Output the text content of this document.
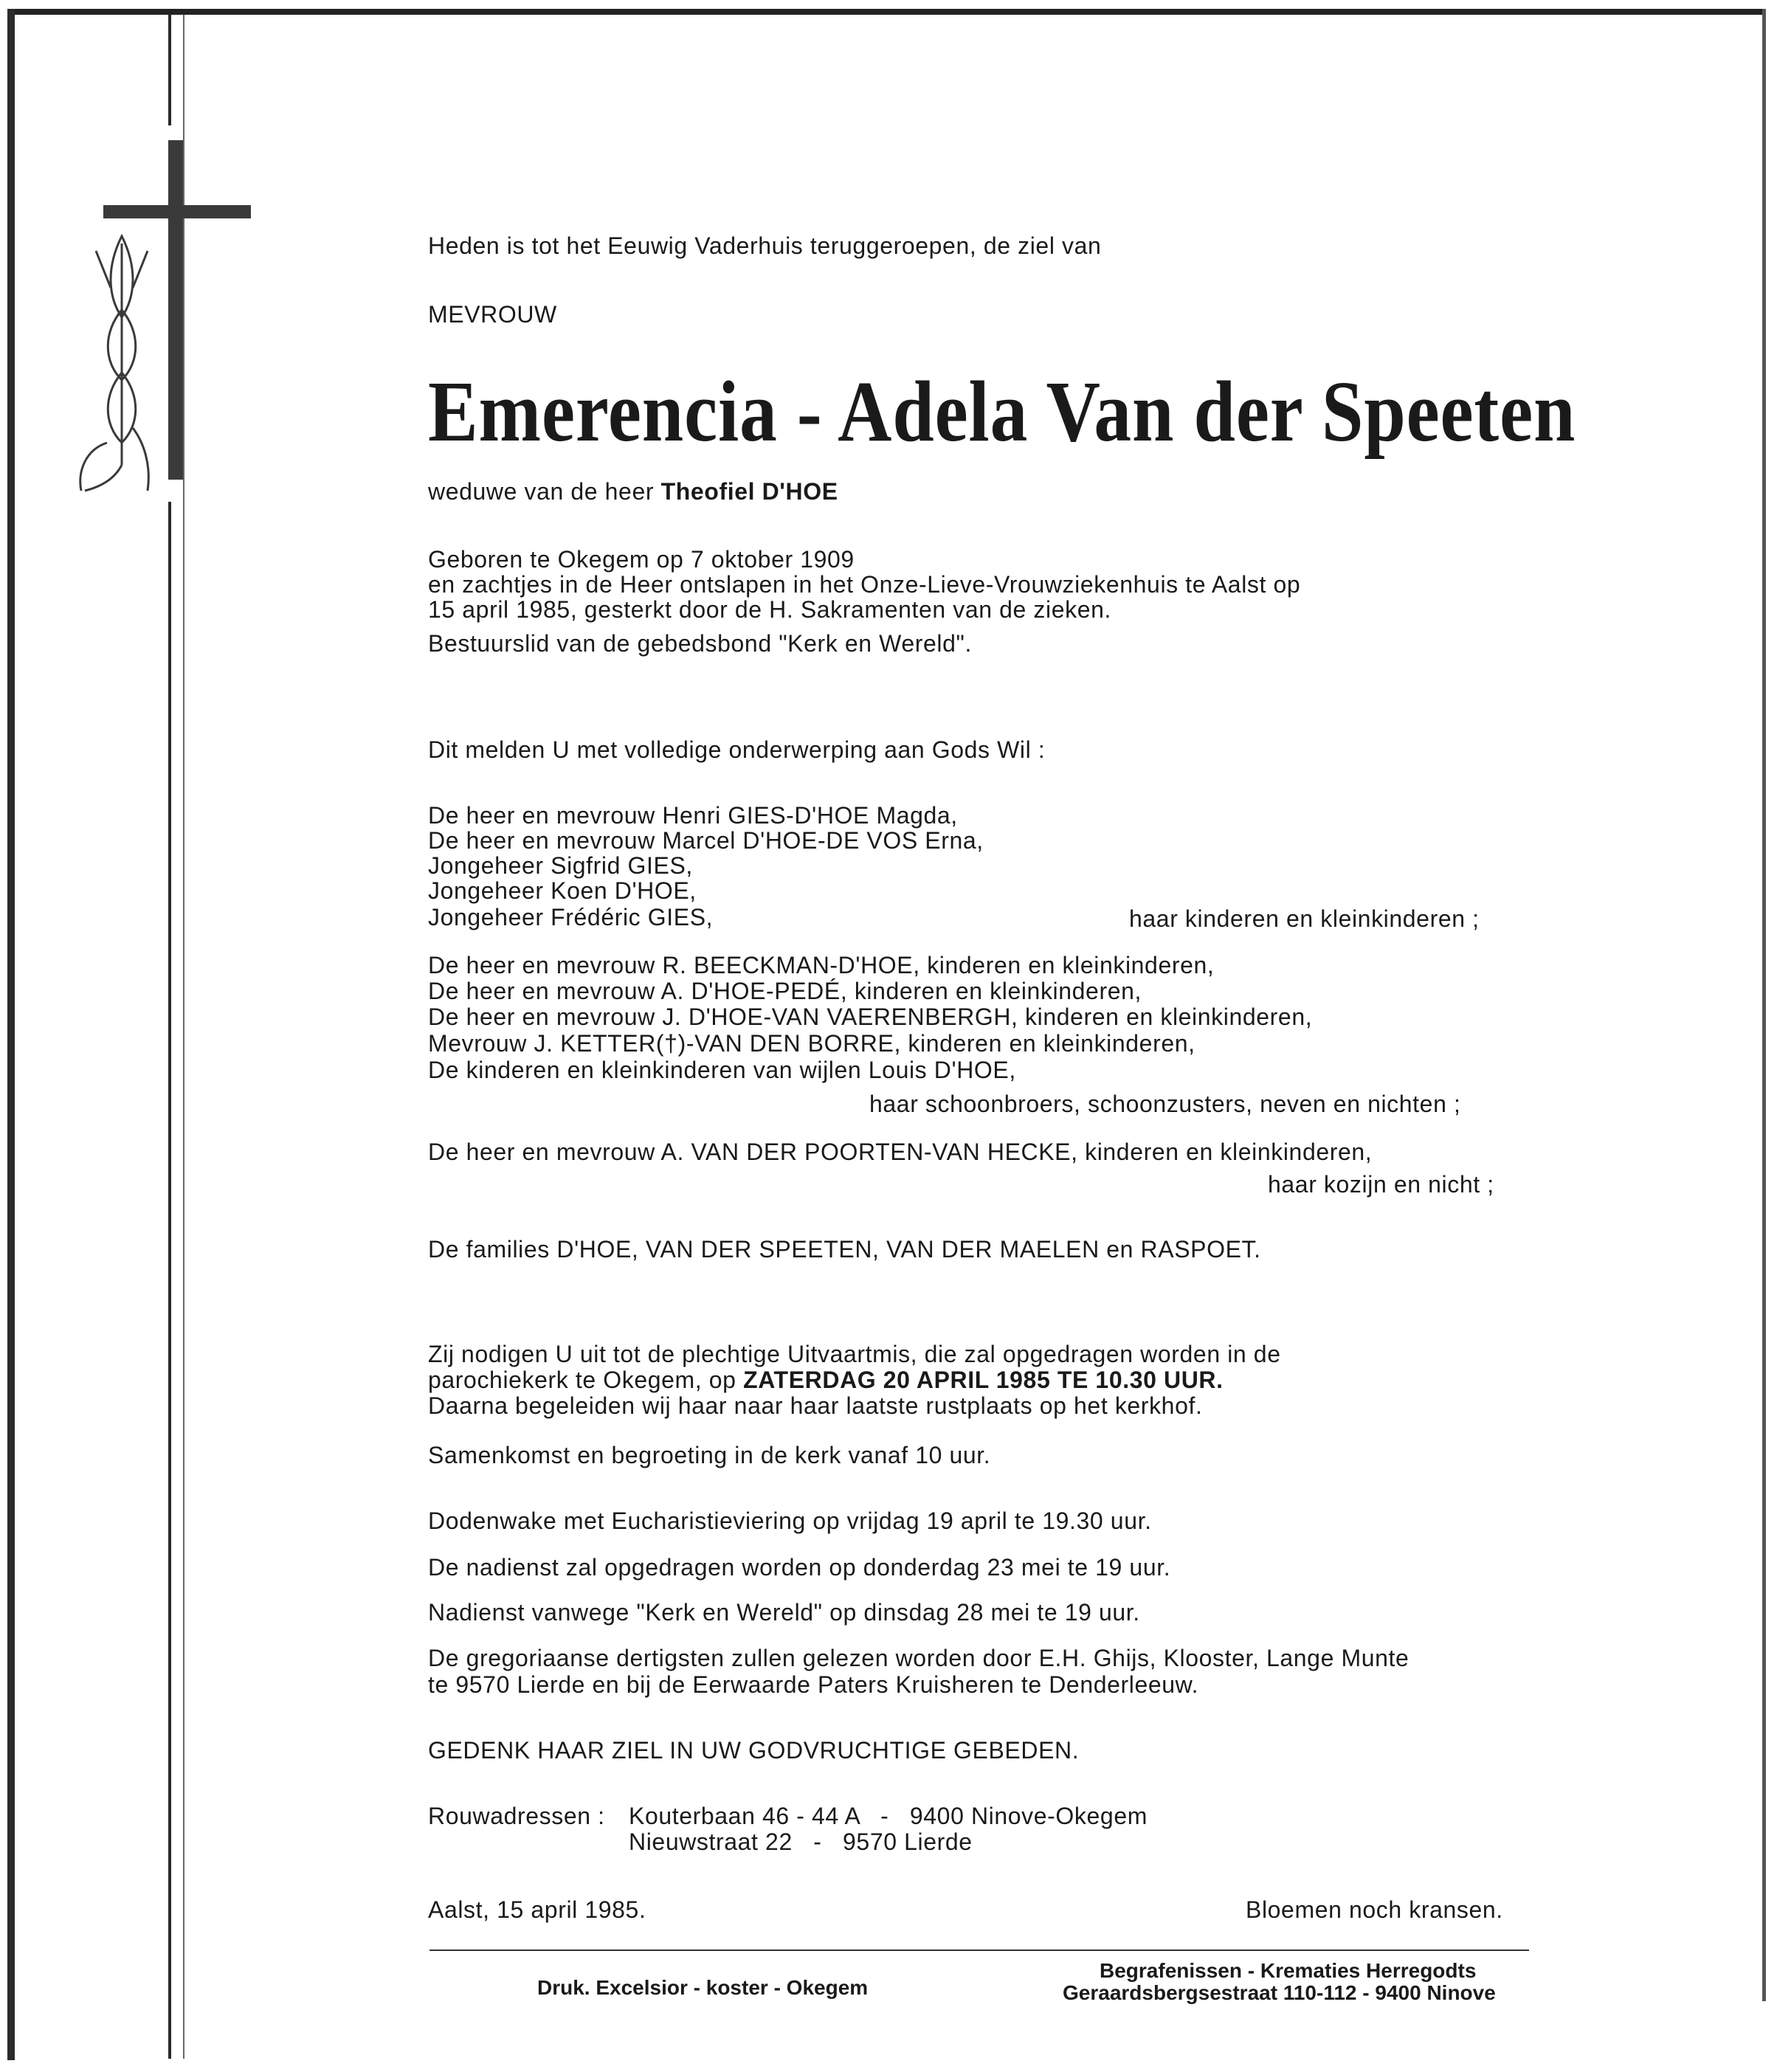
Heden is tot het Eeuwig Vaderhuis teruggeroepen, de ziel van
MEVROUW
Emerencia - Adela Van der Speeten
weduwe van de heer Theofiel D'HOE
Geboren te Okegem op 7 oktober 1909
en zachtjes in de Heer ontslapen in het Onze-Lieve-Vrouwziekenhuis te Aalst op
15 april 1985, gesterkt door de H. Sakramenten van de zieken.
Bestuurslid van de gebedsbond "Kerk en Wereld".
Dit melden U met volledige onderwerping aan Gods Wil :
De heer en mevrouw Henri GIES-D'HOE Magda,
De heer en mevrouw Marcel D'HOE-DE VOS Erna,
Jongeheer Sigfrid GIES,
Jongeheer Koen D'HOE,
Jongeheer Frédéric GIES,	haar kinderen en kleinkinderen ;
De heer en mevrouw R. BEECKMAN-D'HOE, kinderen en kleinkinderen,
De heer en mevrouw A. D'HOE-PEDÉ, kinderen en kleinkinderen,
De heer en mevrouw J. D'HOE-VAN VAERENBERGH, kinderen en kleinkinderen,
Mevrouw J. KETTER(†)-VAN DEN BORRE, kinderen en kleinkinderen,
De kinderen en kleinkinderen van wijlen Louis D'HOE,
haar schoonbroers, schoonzusters, neven en nichten ;
De heer en mevrouw A. VAN DER POORTEN-VAN HECKE, kinderen en kleinkinderen,
haar kozijn en nicht ;
De families D'HOE, VAN DER SPEETEN, VAN DER MAELEN en RASPOET.
Zij nodigen U uit tot de plechtige Uitvaartmis, die zal opgedragen worden in de
parochiekerk te Okegem, op ZATERDAG 20 APRIL 1985 TE 10.30 UUR.
Daarna begeleiden wij haar naar haar laatste rustplaats op het kerkhof.
Samenkomst en begroeting in de kerk vanaf 10 uur.
Dodenwake met Eucharistieviering op vrijdag 19 april te 19.30 uur.
De nadienst zal opgedragen worden op donderdag 23 mei te 19 uur.
Nadienst vanwege "Kerk en Wereld" op dinsdag 28 mei te 19 uur.
De gregoriaanse dertigsten zullen gelezen worden door E.H. Ghijs, Klooster, Lange Munte
te 9570 Lierde en bij de Eerwaarde Paters Kruisheren te Denderleeuw.
GEDENK HAAR ZIEL IN UW GODVRUCHTIGE GEBEDEN.
Rouwadressen : Kouterbaan 46 - 44 A   -   9400 Ninove-Okegem
Nieuwstraat 22   -   9570 Lierde
Aalst, 15 april 1985.	Bloemen noch kransen.
Druk. Excelsior - koster - Okegem
Begrafenissen - Krematies Herregodts
Geraardsbergsestraat 110-112 - 9400 Ninove
